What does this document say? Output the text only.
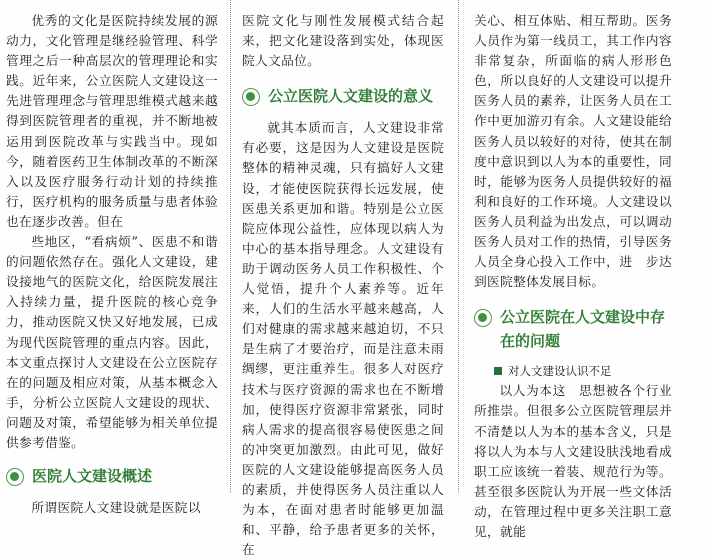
优秀的文化是医院持续发展的源动力，文化管理是继经验管理、科学管理之后一种高层次的管理理论和实践。近年来，公立医院人文建设这一先进管理理念与管理思维模式越来越得到医院管理者的重视，并不断地被运用到医院改革与实践当中。现如今，随着医药卫生体制改革的不断深入以及医疗服务行动计划的持续推行，医疗机构的服务质量与患者体验也在逐步改善。但在

些地区，“看病烦”、医患不和谐的问题依然存在。强化人文建设，建设接地气的医院文化，给医院发展注入持续力量，提升医院的核心竞争力，推动医院又快又好地发展，已成为现代医院管理的重点内容。因此，本文重点探讨人文建设在公立医院存在的问题及相应对策，从基本概念入手，分析公立医院人文建设的现状、问题及对策，希望能够为相关单位提供参考借鉴。

医院人文建设概述

所谓医院人文建设就是医院以

医院文化与刚性发展模式结合起来，把文化建设落到实处，体现医院人文品位。

公立医院人文建设的意义

就其本质而言，人文建设非常有必要，这是因为人文建设是医院整体的精神灵魂，只有搞好人文建设，才能使医院获得长远发展，使医患关系更加和谐。特别是公立医院应体现公益性，应体现以病人为中心的基本指导理念。人文建设有助于调动医务人员工作积极性、个人觉悟，提升个人素养等。近年来，人们的生活水平越来越高，人们对健康的需求越来越迫切，不只是生病了才要治疗，而是注意未雨绸缪，更注重养生。很多人对医疗技术与医疗资源的需求也在不断增加，使得医疗资源非常紧张，同时病人需求的提高很容易使医患之间的冲突更加激烈。由此可见，做好医院的人文建设能够提高医务人员的素质，并使得医务人员注重以人为本，在面对患者时能够更加温和、平静，给予患者更多的关怀，在

关心、相互体贴、相互帮助。医务人员作为第一线员工，其工作内容非常复杂，所面临的病人形形色色，所以良好的人文建设可以提升医务人员的素养，让医务人员在工作中更加游刃有余。人文建设能给医务人员以较好的对待，使其在制度中意识到以人为本的重要性，同时，能够为医务人员提供较好的福利和良好的工作环境。人文建设以医务人员利益为出发点，可以调动医务人员对工作的热情，引导医务人员全身心投入工作中，进　步达到医院整体发展目标。

公立医院在人文建设中存在的问题
对人文建设认识不足

以人为本这　思想被各个行业所推崇。但很多公立医院管理层并不清楚以人为本的基本含义，只是将以人为本与人文建设肤浅地看成职工应该统一着装、规范行为等。甚至很多医院认为开展一些文体活动，在管理过程中更多关注职工意见，就能
